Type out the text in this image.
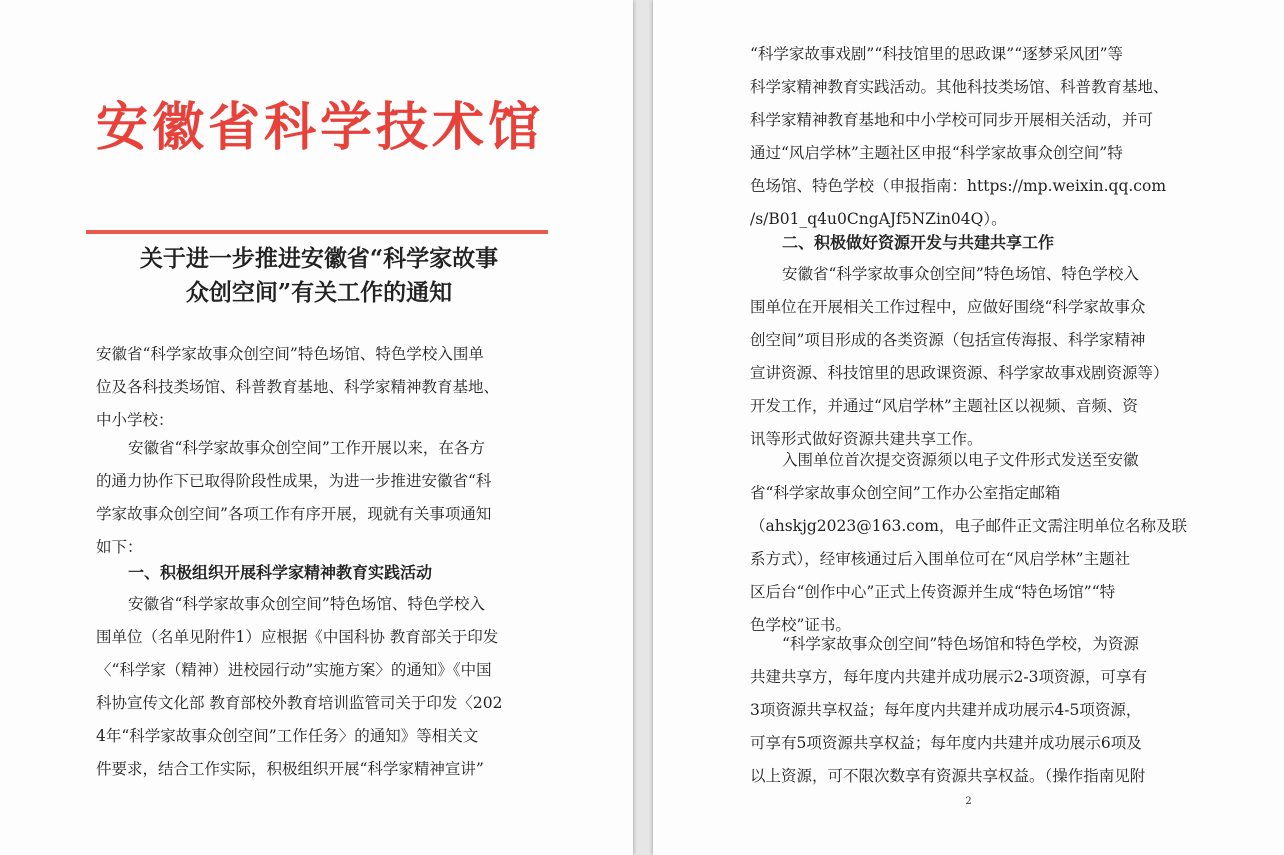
安徽省科学技术馆
关于进一步推进安徽省“科学家故事
众创空间”有关工作的通知
安徽省“科学家故事众创空间”特色场馆、特色学校入围单
位及各科技类场馆、科普教育基地、科学家精神教育基地、
中小学校：
安徽省“科学家故事众创空间”工作开展以来，在各方
的通力协作下已取得阶段性成果，为进一步推进安徽省“科
学家故事众创空间”各项工作有序开展，现就有关事项通知
如下：
一、积极组织开展科学家精神教育实践活动
安徽省“科学家故事众创空间”特色场馆、特色学校入
围单位（名单见附件1）应根据《中国科协 教育部关于印发
〈“科学家（精神）进校园行动”实施方案〉的通知》《中国
科协宣传文化部 教育部校外教育培训监管司关于印发〈202
4年“科学家故事众创空间”工作任务〉的通知》等相关文
件要求，结合工作实际，积极组织开展“科学家精神宣讲”
“科学家故事戏剧”“科技馆里的思政课”“逐梦采风团”等
科学家精神教育实践活动。其他科技类场馆、科普教育基地、
科学家精神教育基地和中小学校可同步开展相关活动，并可
通过“风启学林”主题社区申报“科学家故事众创空间”特
色场馆、特色学校（申报指南：https://mp.weixin.qq.com
/s/B01_q4u0CngAJf5NZin04Q）。
二、积极做好资源开发与共建共享工作
安徽省“科学家故事众创空间”特色场馆、特色学校入
围单位在开展相关工作过程中，应做好围绕“科学家故事众
创空间”项目形成的各类资源（包括宣传海报、科学家精神
宣讲资源、科技馆里的思政课资源、科学家故事戏剧资源等）
开发工作，并通过“风启学林”主题社区以视频、音频、资
讯等形式做好资源共建共享工作。
入围单位首次提交资源须以电子文件形式发送至安徽
省“科学家故事众创空间”工作办公室指定邮箱
（ahskjg2023@163.com，电子邮件正文需注明单位名称及联
系方式），经审核通过后入围单位可在“风启学林”主题社
区后台“创作中心”正式上传资源并生成“特色场馆”“特
色学校”证书。
“科学家故事众创空间”特色场馆和特色学校，为资源
共建共享方，每年度内共建并成功展示2-3项资源，可享有
3项资源共享权益；每年度内共建并成功展示4-5项资源，
可享有5项资源共享权益；每年度内共建并成功展示6项及
以上资源，可不限次数享有资源共享权益。（操作指南见附
2
